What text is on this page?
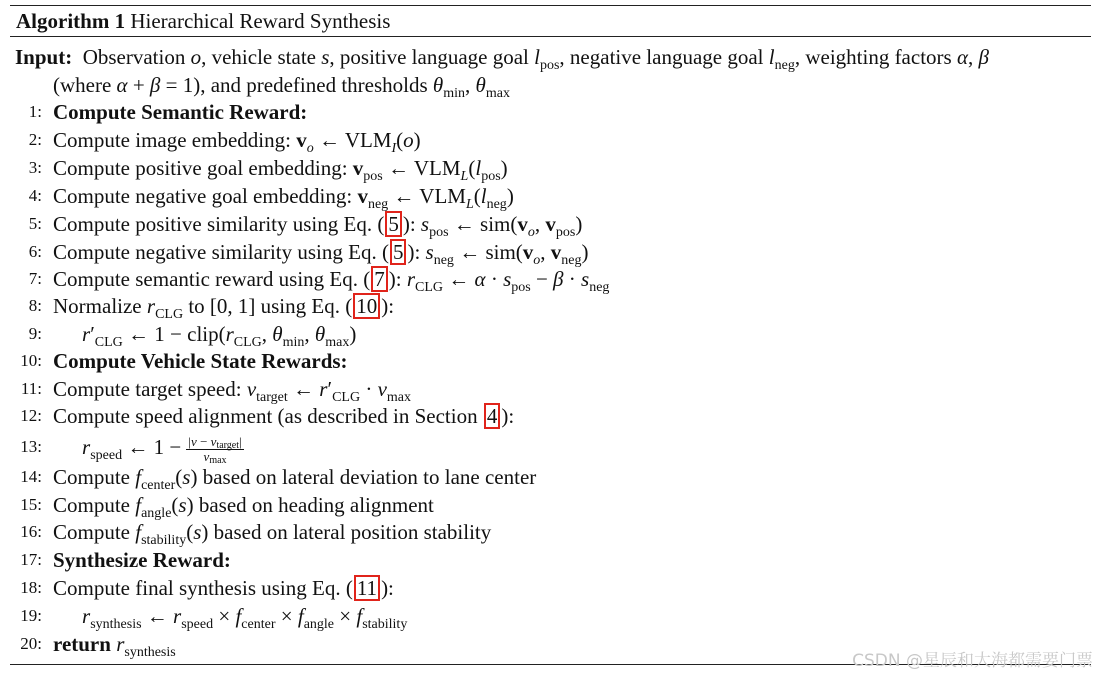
Algorithm 1 Hierarchical Reward Synthesis
Input: Observation o, vehicle state s, positive language goal $l_{pos}$, negative language goal $l_{neg}$, weighting factors α, β
(where α + β = 1), and predefined thresholds $\theta_{min}$, $\theta_{max}$
1: Compute Semantic Reward:
2: Compute image embedding: $v_o$ ← $VLM_I(o)$
3: Compute positive goal embedding: $v_{pos}$ ← $VLM_L(l_{pos})$
4: Compute negative goal embedding: $v_{neg}$ ← $VLM_L(l_{neg})$
5: Compute positive similarity using Eq. ( 5 ): $s_{pos}$ ← $sim(v_o$, $v_{pos}$)
6: Compute negative similarity using Eq. ( 5 ): $s_{neg}$ ← $sim(v_o$, $v_{neg}$)
7: Compute semantic reward using Eq. ( 7 ): $r_{CLG}$ ← $\alpha \cdot s_{pos} - \beta \cdot s_{neg}$
8: Normalize $r_{CLG}$ to [0, 1] using Eq. ( 10 ):
9: $r'_{CLG}$ ← $1 - clip(r_{CLG}$, $\theta_{min}$, $\theta_{max}$)
10: Compute Vehicle State Rewards:
11: Compute target speed: $v_{target}$ ← $r'_{CLG} \cdot v_{max}$
12: Compute speed alignment (as described in Section 4 ):
13: $r_{speed}$ ← $1 - \frac{|v - v_{target}|}{v_{max}}$
14: Compute $f_{center}(s)$ based on lateral deviation to lane center
15: Compute $f_{angle}(s)$ based on heading alignment
16: Compute $f_{stability}(s)$ based on lateral position stability
17: Synthesize Reward:
18: Compute final synthesis using Eq. ( 11 ):
19: $r_{synthesis}$ ← $r_{speed} \times f_{center} \times f_{angle} \times f_{stability}$
20: return $r_{synthesis}$	CSDN @星辰和大海都需要门票
